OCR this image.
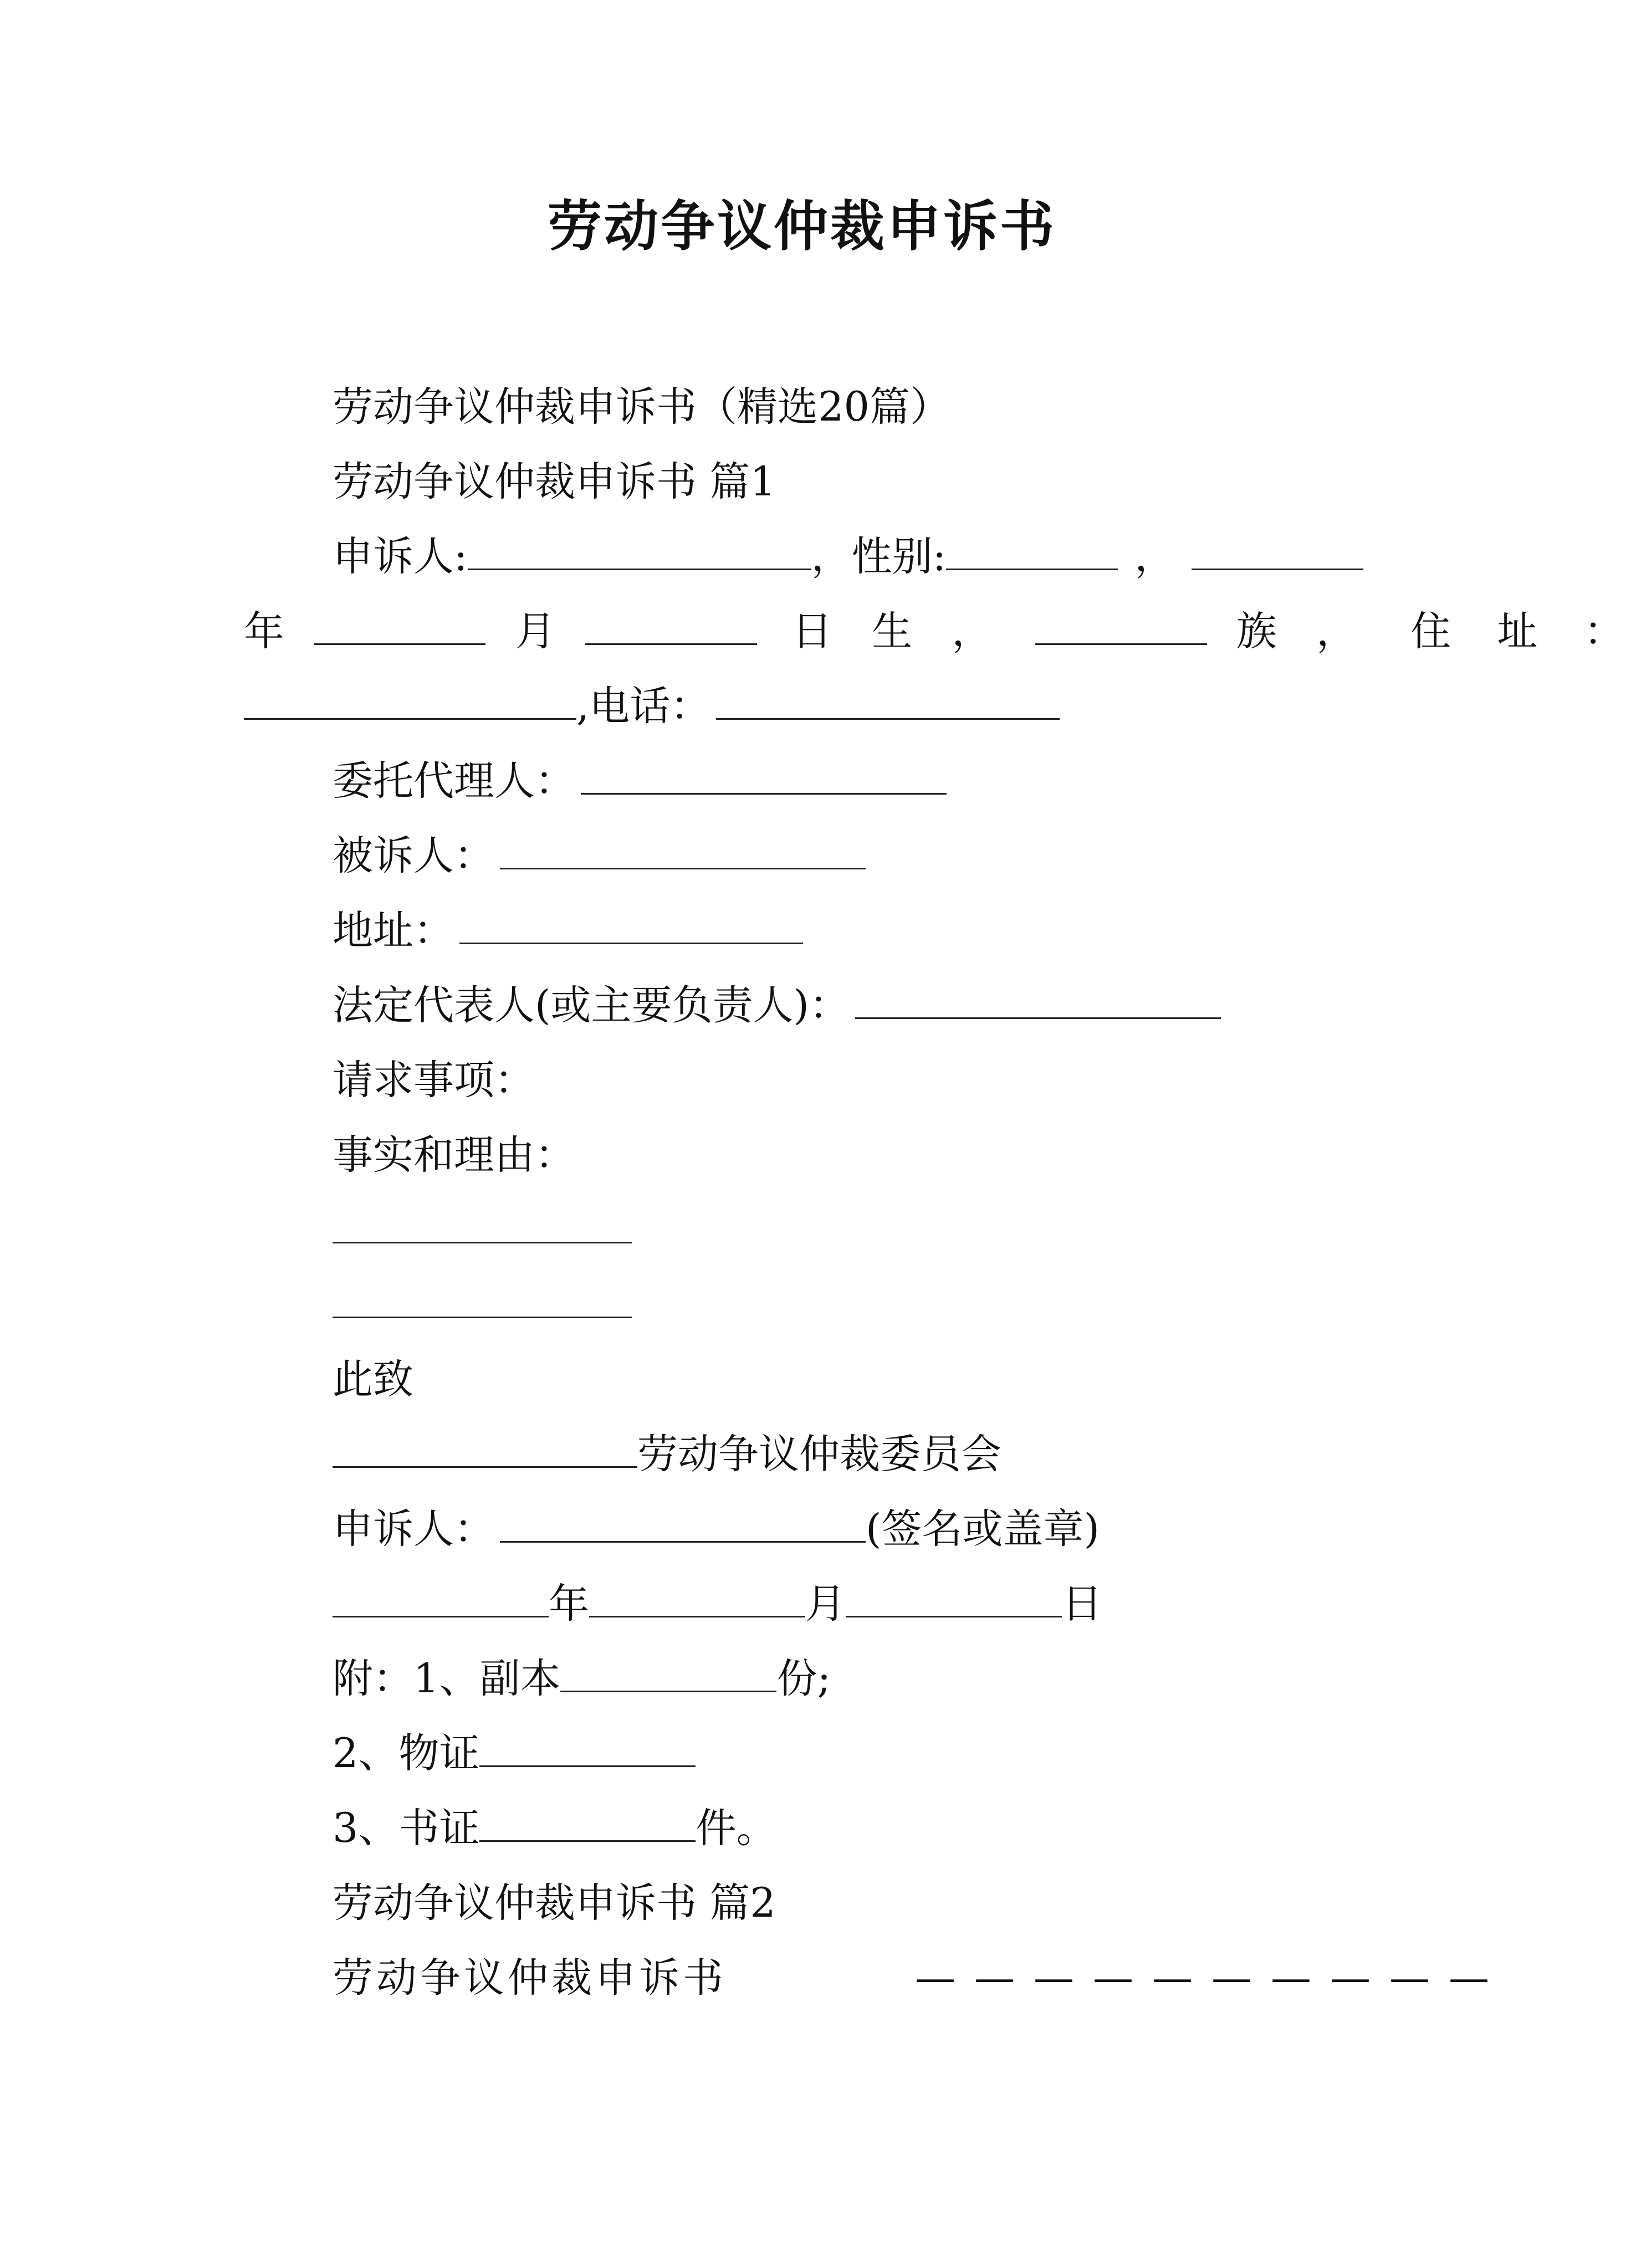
劳动争议仲裁申诉书
劳动争议仲裁申诉书（精选20篇）
劳动争议仲裁申诉书 篇1
申诉人:	，性别:	，
年	月	日 生 ，	族 ， 住 址 ：
,电话：
委托代理人：
被诉人：
地址：
法定代表人(或主要负责人)：
请求事项：
事实和理由：
此致
劳动争议仲裁委员会
申诉人：	(签名或盖章)
年	月	日
附：1、副本	份;
2、物证
3、书证	件。
劳动争议仲裁申诉书 篇2
劳动争议仲裁申诉书	——————————
